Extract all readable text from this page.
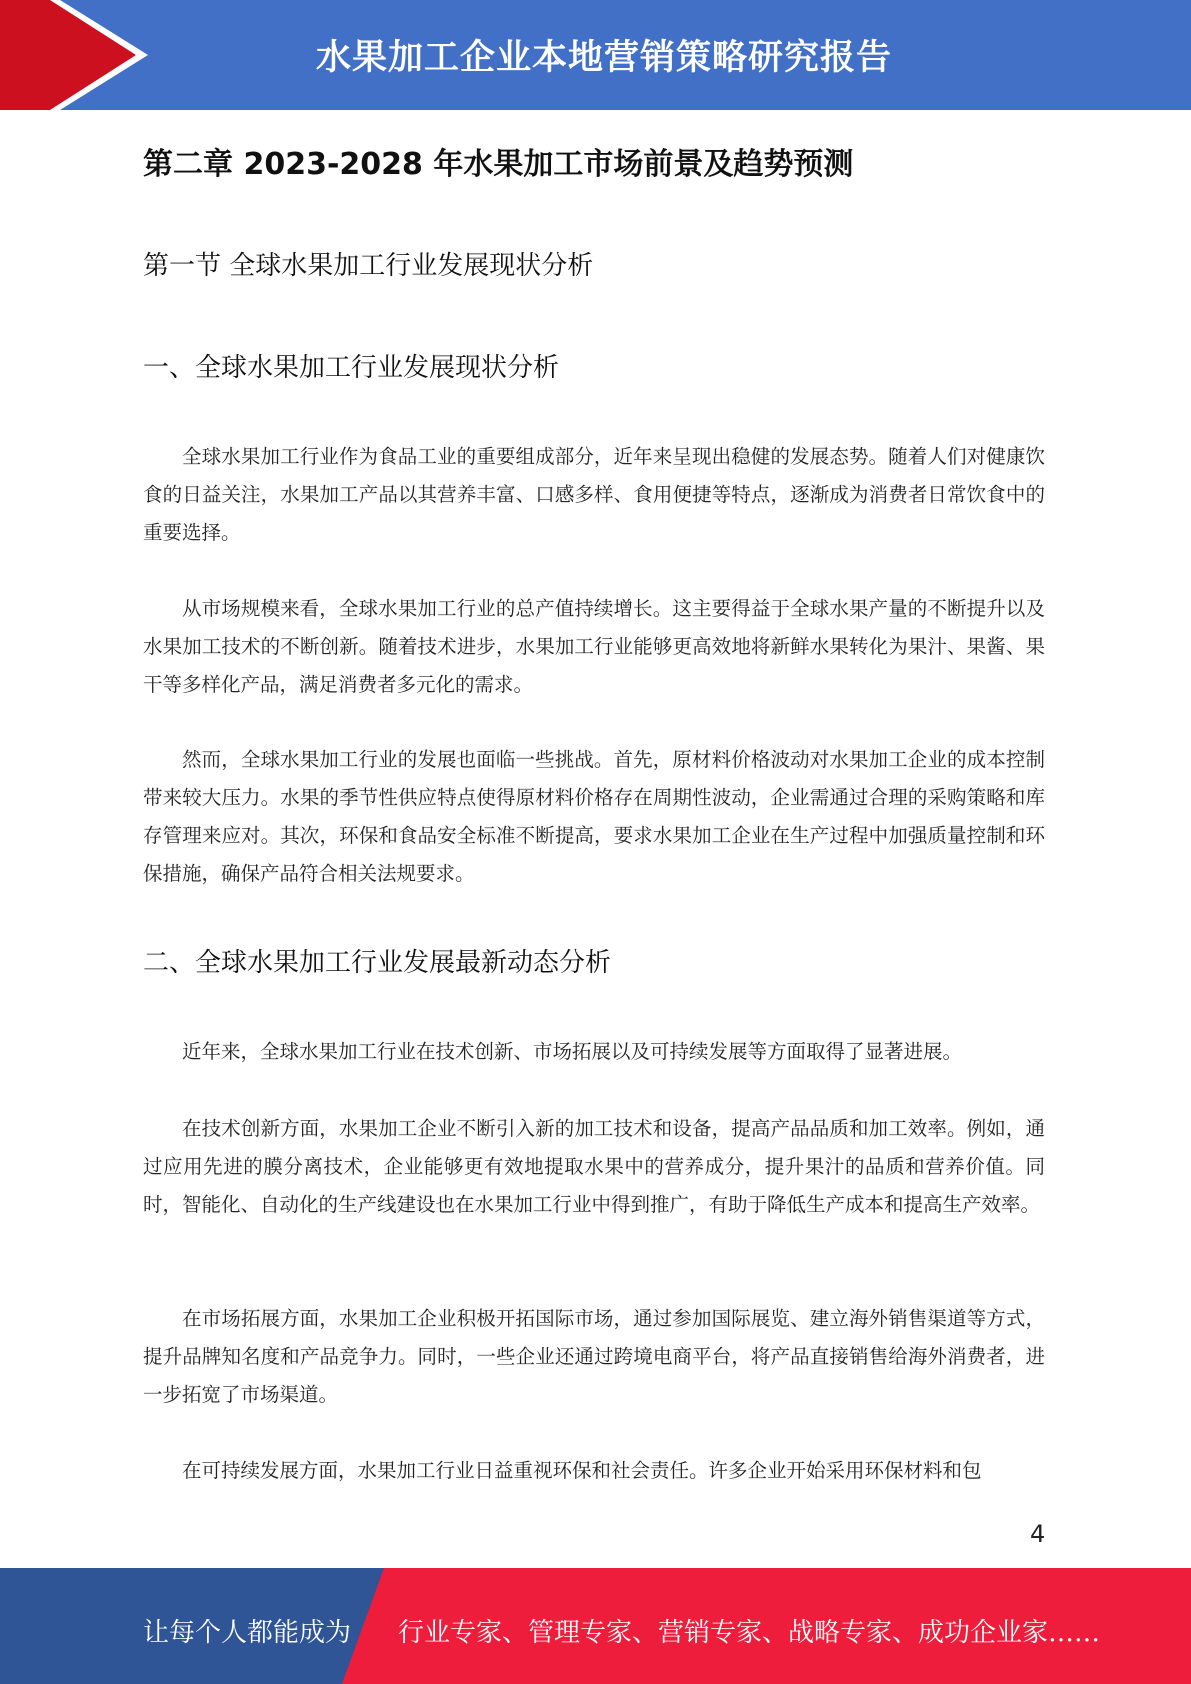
水果加工企业本地营销策略研究报告
第二章 2023-2028 年水果加工市场前景及趋势预测
第一节 全球水果加工行业发展现状分析
一、全球水果加工行业发展现状分析

全球水果加工行业作为食品工业的重要组成部分，近年来呈现出稳健的发展态势。随着人们对健康饮食的日益关注，水果加工产品以其营养丰富、口感多样、食用便捷等特点，逐渐成为消费者日常饮食中的重要选择。

从市场规模来看，全球水果加工行业的总产值持续增长。这主要得益于全球水果产量的不断提升以及水果加工技术的不断创新。随着技术进步，水果加工行业能够更高效地将新鲜水果转化为果汁、果酱、果干等多样化产品，满足消费者多元化的需求。

然而，全球水果加工行业的发展也面临一些挑战。首先，原材料价格波动对水果加工企业的成本控制带来较大压力。水果的季节性供应特点使得原材料价格存在周期性波动，企业需通过合理的采购策略和库存管理来应对。其次，环保和食品安全标准不断提高，要求水果加工企业在生产过程中加强质量控制和环保措施，确保产品符合相关法规要求。

二、全球水果加工行业发展最新动态分析

近年来，全球水果加工行业在技术创新、市场拓展以及可持续发展等方面取得了显著进展。

在技术创新方面，水果加工企业不断引入新的加工技术和设备，提高产品品质和加工效率。例如，通过应用先进的膜分离技术，企业能够更有效地提取水果中的营养成分，提升果汁的品质和营养价值。同时，智能化、自动化的生产线建设也在水果加工行业中得到推广，有助于降低生产成本和提高生产效率。

在市场拓展方面，水果加工企业积极开拓国际市场，通过参加国际展览、建立海外销售渠道等方式，提升品牌知名度和产品竞争力。同时，一些企业还通过跨境电商平台，将产品直接销售给海外消费者，进一步拓宽了市场渠道。

在可持续发展方面，水果加工行业日益重视环保和社会责任。许多企业开始采用环保材料和包

4
让每个人都能成为 行业专家、管理专家、营销专家、战略专家、成功企业家……
